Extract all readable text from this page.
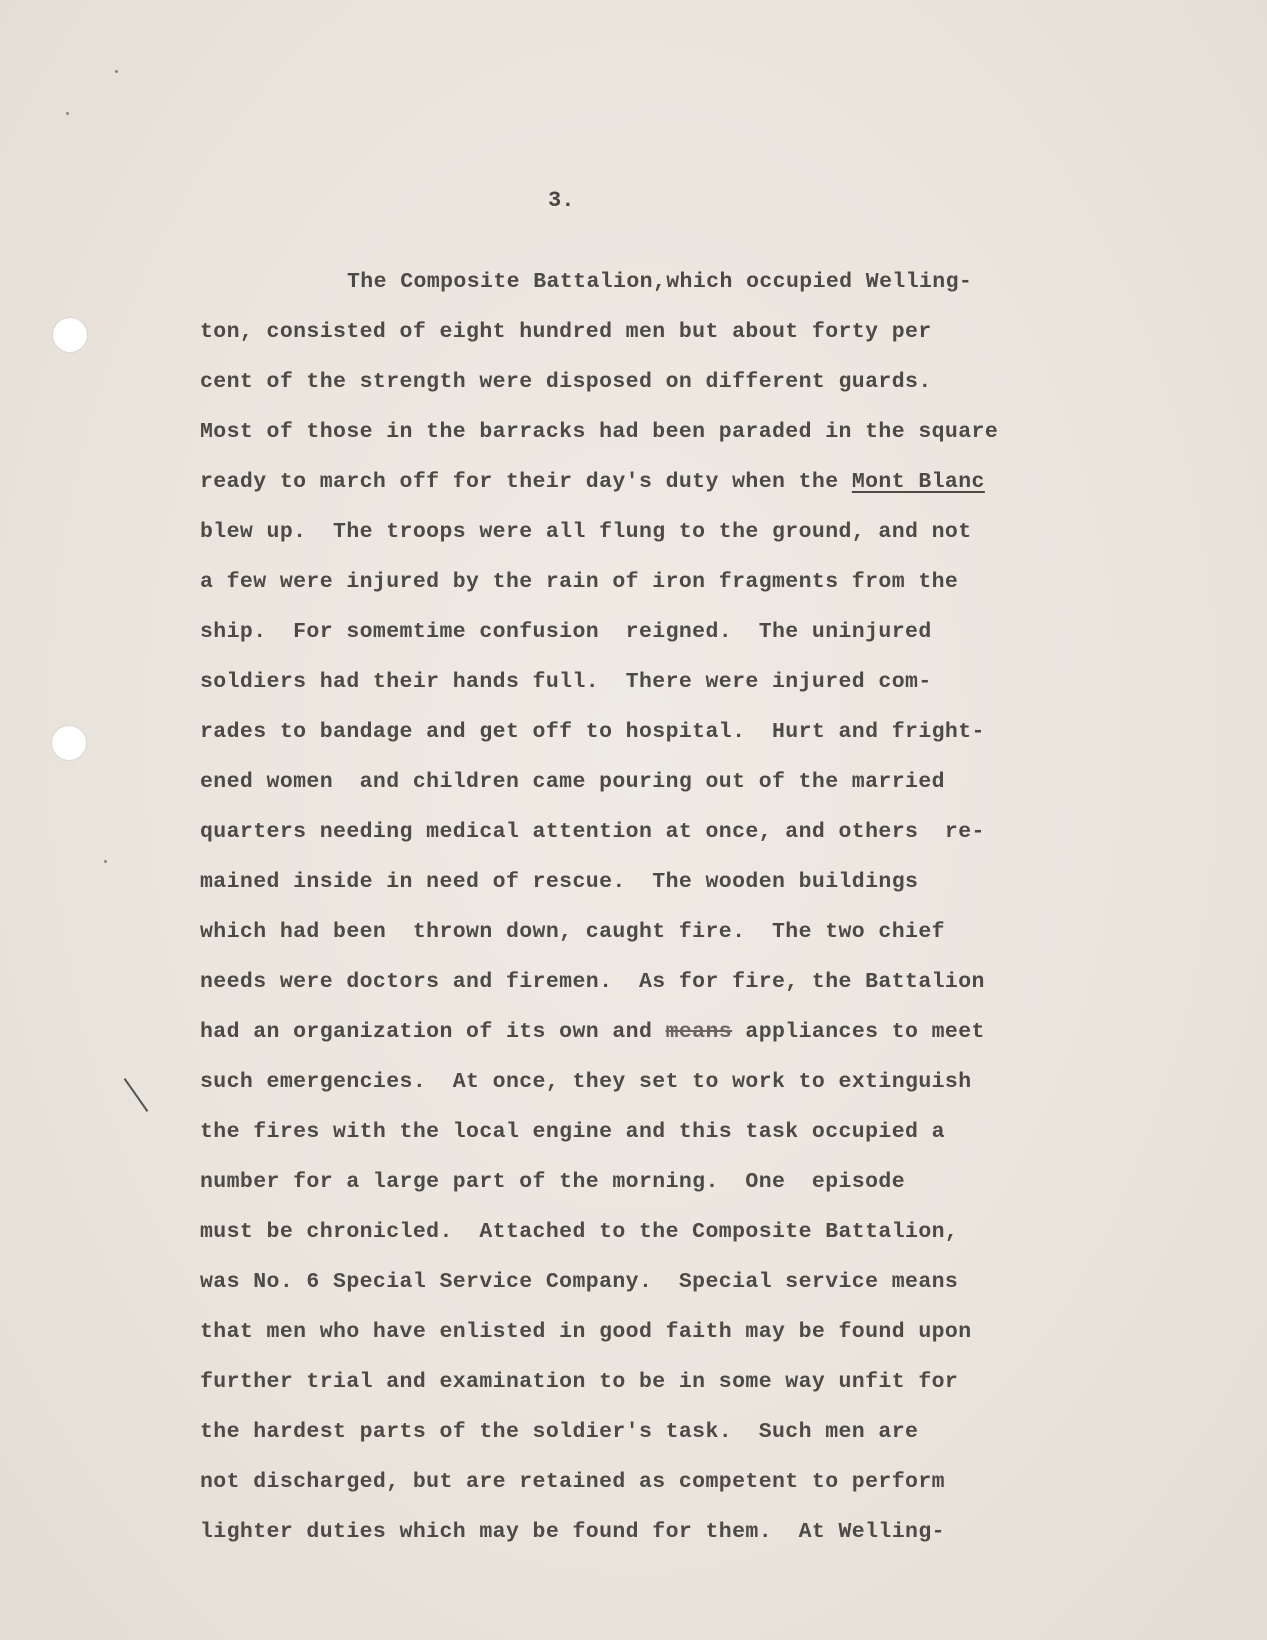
3.
The Composite Battalion,which occupied Welling-
ton, consisted of eight hundred men but about forty per
cent of the strength were disposed on different guards.
Most of those in the barracks had been paraded in the square
ready to march off for their day's duty when the Mont Blanc
blew up.  The troops were all flung to the ground, and not
a few were injured by the rain of iron fragments from the
ship.  For somemtime confusion  reigned.  The uninjured
soldiers had their hands full.  There were injured com-
rades to bandage and get off to hospital.  Hurt and fright-
ened women  and children came pouring out of the married
quarters needing medical attention at once, and others  re-
mained inside in need of rescue.  The wooden buildings
which had been  thrown down, caught fire.  The two chief
needs were doctors and firemen.  As for fire, the Battalion
had an organization of its own and means appliances to meet
such emergencies.  At once, they set to work to extinguish
the fires with the local engine and this task occupied a
number for a large part of the morning.  One  episode
must be chronicled.  Attached to the Composite Battalion,
was No. 6 Special Service Company.  Special service means
that men who have enlisted in good faith may be found upon
further trial and examination to be in some way unfit for
the hardest parts of the soldier's task.  Such men are
not discharged, but are retained as competent to perform
lighter duties which may be found for them.  At Welling-
